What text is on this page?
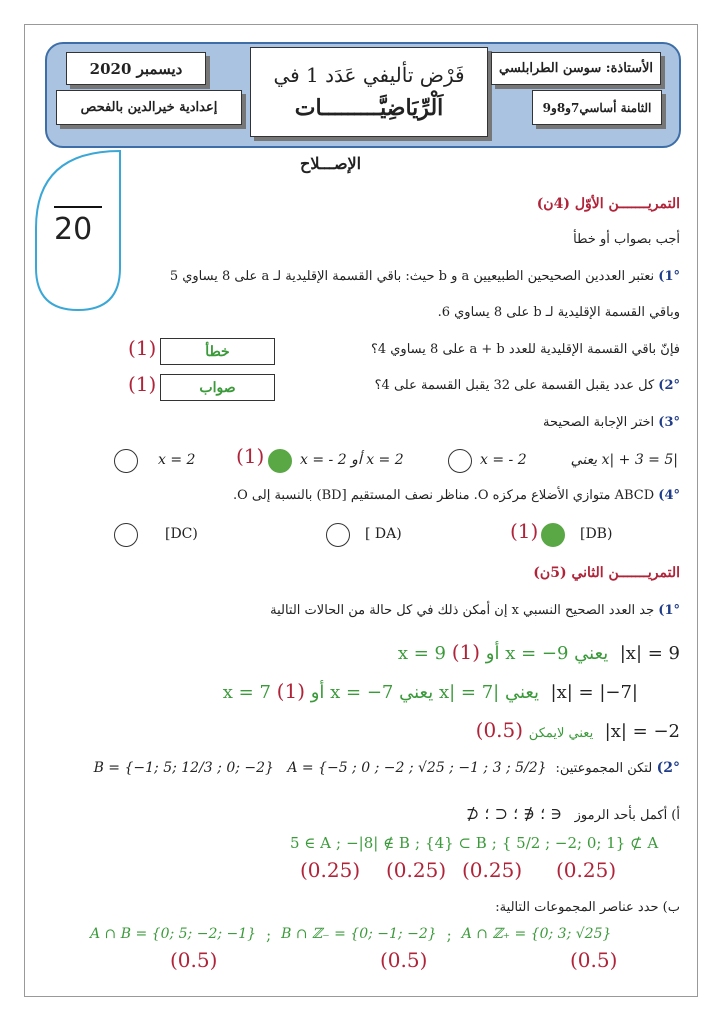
ديسمبر 2020
إعدادية خيرالدين بالفحص
فَرْض تأليفي عَدَد 1 في
اَلْرِّيَاضِيَّـــــــــات
الأستاذة: سوسن الطرابلسي
الثامنة أساسي7و8و9
الإصـــلاح
20
التمريـــــــن الأوّل (4ن)
أجب بصواب أو خطأ
1°) نعتبر العددين الصحيحين الطبيعيين a و b حيث: باقي القسمة الإقليدية لـ a على 8 يساوي 5
وباقي القسمة الإقليدية لـ b على 8 يساوي 6.
فإنّ باقي القسمة الإقليدية للعدد a + b على 8 يساوي 4؟
خطأ
(1)
2°) كل عدد يقبل القسمة على 32 يقبل القسمة على 4؟
صواب
(1)
3°) اختر الإجابة الصحيحة
|x| + 3 = 5 يعني
x = - 2
x = 2 أو x = - 2
(1)
x = 2
4°) ABCD متوازي الأضلاع مركزه O. مناظر نصف المستقيم [BD) بالنسبة إلى O.
[DB)
(1)
[ DA)
[DC)
التمريـــــــن الثاني (5ن)
1°) جد العدد الصحيح النسبي x إن أمكن ذلك في كل حالة من الحالات التالية
|x| = 9  يعني x = −9 أو x = 9 (1)
|x| = |−7|  يعني |x| = 7 يعني x = −7 أو x = 7 (1)
|x| = −2  يعني لايمكن (0.5)
2°) لتكن المجموعتين:  B = {−1; 5; 12/3 ; 0; −2} A = {−5 ; 0 ; −2 ; √25 ; −1 ; 3 ; 5/2}
أ) أكمل بأحد الرموز   ∈ ؛ ∉ ؛ ⊂ ؛ ⊄
5 ∈ A ; −|8| ∉ B ; {4} ⊂ B ; { 5/2 ; −2; 0; 1} ⊄ A
(0.25) (0.25) (0.25) (0.25)
ب) حدد عناصر المجموعات التالية:
A ∩ B = {0; 5; −2; −1} ; B ∩ ℤ₋ = {0; −1; −2} ; A ∩ ℤ₊ = {0; 3; √25}
(0.5)	(0.5)	(0.5)
